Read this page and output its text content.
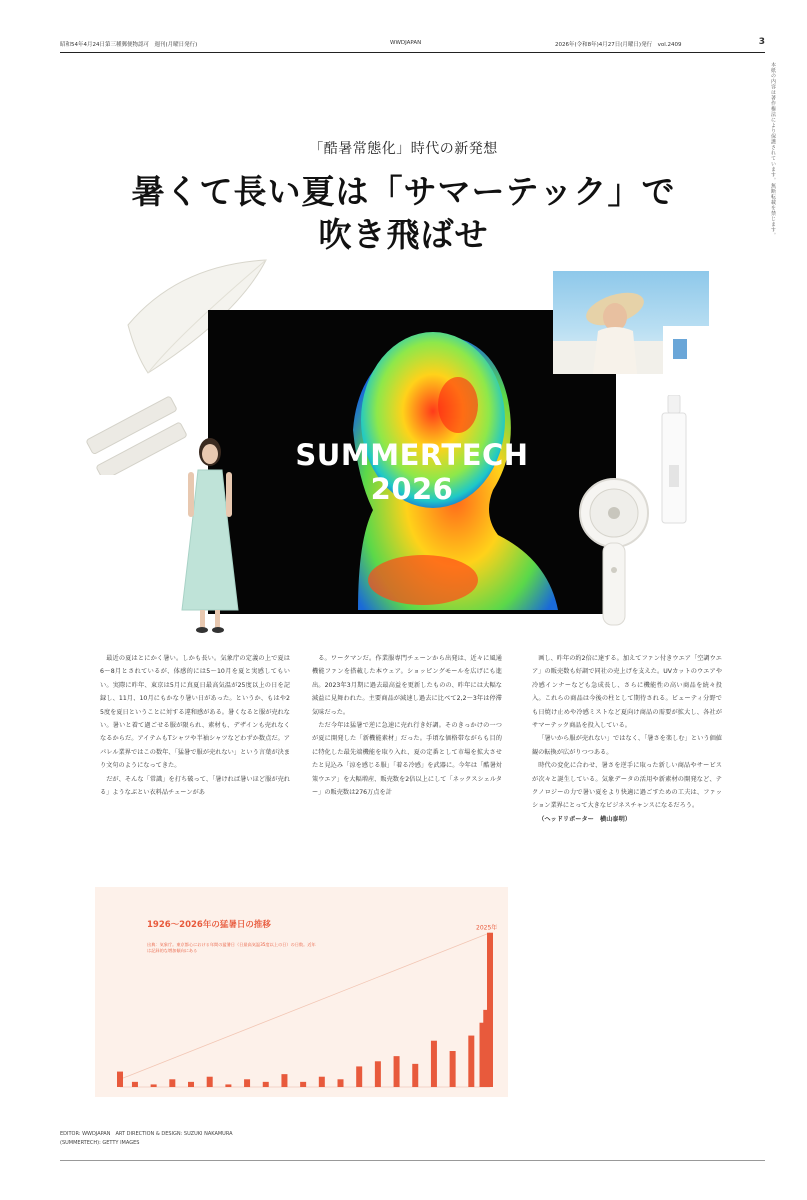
昭和54年4月24日第三種郵便物認可　週刊(月曜日発行)	WWDJAPAN	2026年(令和8年)4月27日(月曜日)発行　vol.2409	3
「酷暑常態化」時代の新発想
暑くて長い夏は「サマーテック」で
吹き飛ばせ
SUMMERTECH
2026

最近の夏はとにかく暑い。しかも長い。気象庁の定義の上で夏は6〜8月とされているが、体感的には5〜10月を夏と実感してもいい。実際に昨年、東京は5月に真夏日最高気温が25度以上の日を記録し、11月、10月にもかなり暑い日があった。というか、もはや25度を夏日ということに対する違和感がある。暑くなると服が売れない。暑いと着て過ごせる服が限られ、素材も、デザインも売れなくなるからだ。アイテムもTシャツや半袖シャツなどわずか数点だ。アパレル業界ではこの数年、「猛暑で服が売れない」という言葉が決まり文句のようになってきた。

だが、そんな「常識」を打ち破って、「暑ければ暑いほど服が売れる」ようなぶとい衣料品チェーンがあ

る。ワークマンだ。作業服専門チェーンから出発は、近々に風通機能ファンを搭載した本ウェア。ショッピングモールを広げにも進出。2023年3月期に過去最高益を更新したものの、昨年には大幅な減益に見舞われた。主要商品が減速し過去に比べて2,2〜3年は停滞気味だった。

ただ今年は猛暑で逆に急速に売れ行き好調。そのきっかけの一つが夏に開発した「新機能素材」だった。手頃な価格帯ながらも目的に特化した最先端機能を取り入れ、夏の定番として市場を拡大させたと見込み「涼を感じる服」「着る冷感」を武器に。今年は「酷暑対策ウエア」を大幅増産、販売数を2倍以上にして「ネックスシェルター」の販売数は276万点を計

画し、昨年の約2倍に達する。加えてファン付きウエア「空調ウエア」の販売数も好調で同社の売上げを支えた。UVカットのウエアや冷感インナーなども急成長し、さらに機能性の高い商品を続々投入。これらの商品は今後の柱として期待される。ビューティ分野でも日焼け止めや冷感ミストなど夏向け商品の需要が拡大し、各社がサマーテック商品を投入している。

「暑いから服が売れない」ではなく、「暑さを楽しむ」という価値観の転換が広がりつつある。

時代の変化に合わせ、暑さを逆手に取った新しい商品やサービスが次々と誕生している。気象データの活用や新素材の開発など、テクノロジーの力で暑い夏をより快適に過ごすための工夫は、ファッション業界にとって大きなビジネスチャンスになるだろう。

（ヘッドリポーター　横山泰明）

2025年
1926〜2026年の猛暑日の推移
出典：気象庁。東京都心における年間の猛暑日（日最高気温35度以上の日）の日数。近年は記録的な増加傾向にある
本紙の内容は著作権法により保護されています。無断転載を禁じます。
EDITOR: WWDJAPAN　ART DIRECTION & DESIGN: SUZUKI NAKAMURA
(SUMMERTECH): GETTY IMAGES
